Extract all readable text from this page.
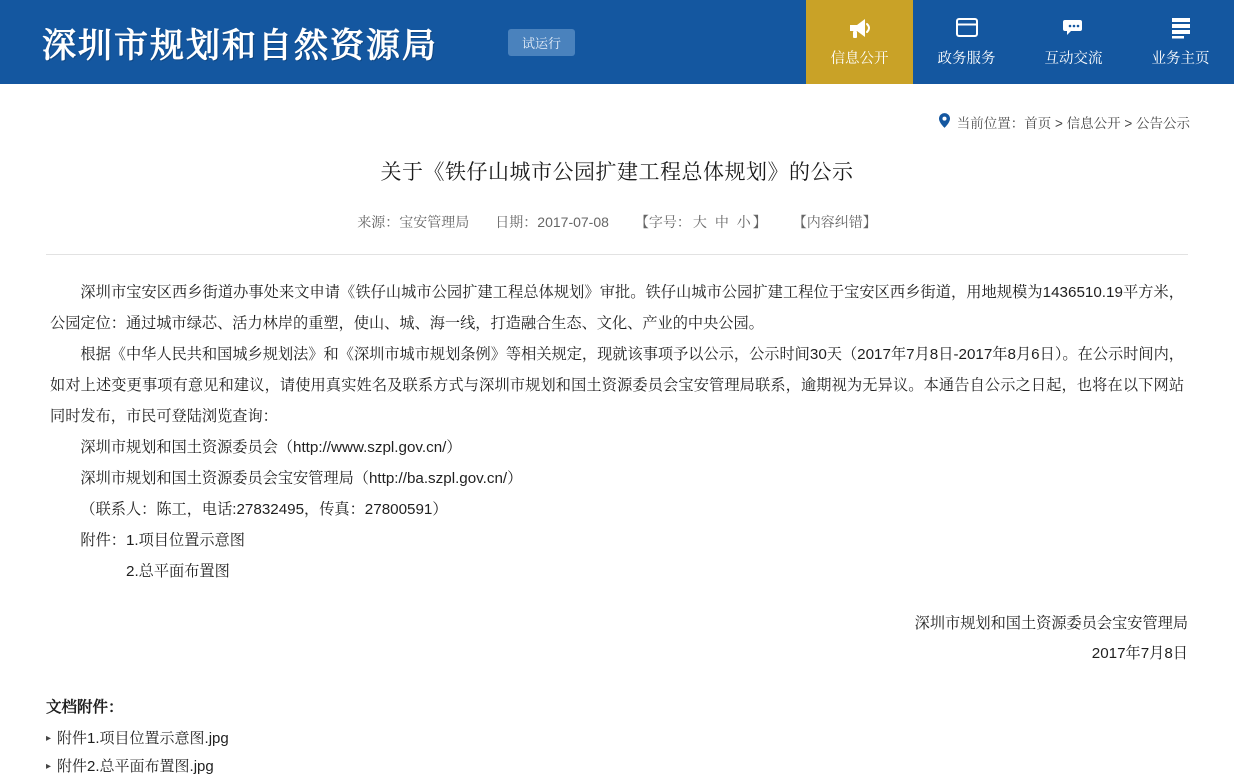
深圳市规划和自然资源局	试运行
信息公开	政务服务	互动交流	业务主页
当前位置： 首页 > 信息公开 > 公告公示
关于《铁仔山城市公园扩建工程总体规划》的公示
来源：宝安管理局 日期：2017-07-08 【字号： 大 中 小 】 【内容纠错】

深圳市宝安区西乡街道办事处来文申请《铁仔山城市公园扩建工程总体规划》审批。铁仔山城市公园扩建工程位于宝安区西乡街道，用地规模为1436510.19平方米，公园定位：通过城市绿芯、活力林岸的重塑，使山、城、海一线，打造融合生态、文化、产业的中央公园。

根据《中华人民共和国城乡规划法》和《深圳市城市规划条例》等相关规定，现就该事项予以公示，公示时间30天（2017年7月8日-2017年8月6日）。在公示时间内，如对上述变更事项有意见和建议，请使用真实姓名及联系方式与深圳市规划和国土资源委员会宝安管理局联系，逾期视为无异议。本通告自公示之日起，也将在以下网站同时发布，市民可登陆浏览查询：

深圳市规划和国土资源委员会（http://www.szpl.gov.cn/）

深圳市规划和国土资源委员会宝安管理局（http://ba.szpl.gov.cn/）

（联系人：陈工，电话:27832495，传真：27800591）

附件：1.项目位置示意图

2.总平面布置图

深圳市规划和国土资源委员会宝安管理局
2017年7月8日
文档附件：
▸ 附件1.项目位置示意图.jpg
▸ 附件2.总平面布置图.jpg
